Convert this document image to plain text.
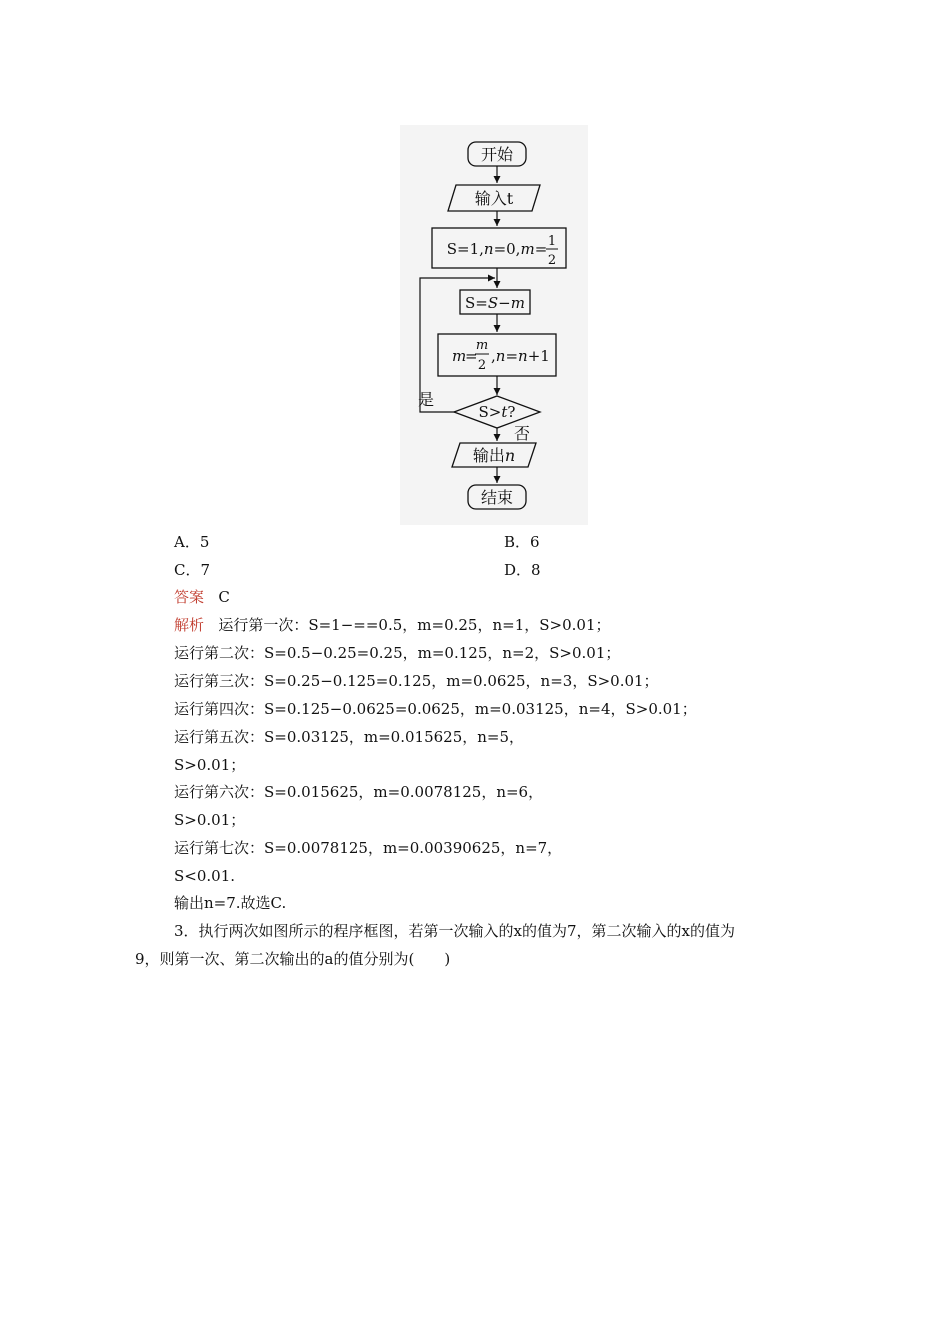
开始
输入t
S=1,n=0,m= 1
2
S=S−m
m
=
m
2
,n=n+1
S>t?
是
否
输出n
结束
A．5	B．6
C．7	D．8
答案 C
解析 运行第一次：S=1−==0.5，m=0.25，n=1，S>0.01；
运行第二次：S=0.5−0.25=0.25，m=0.125，n=2，S>0.01；
运行第三次：S=0.25−0.125=0.125，m=0.0625，n=3，S>0.01；
运行第四次：S=0.125−0.0625=0.0625，m=0.03125，n=4，S>0.01；
运行第五次：S=0.03125，m=0.015625，n=5，
S>0.01；
运行第六次：S=0.015625，m=0.0078125，n=6，
S>0.01；
运行第七次：S=0.0078125，m=0.00390625，n=7，
S<0.01.
输出n=7.故选C.
3．执行两次如图所示的程序框图，若第一次输入的x的值为7，第二次输入的x的值为
9，则第一次、第二次输出的a的值分别为(　　)
